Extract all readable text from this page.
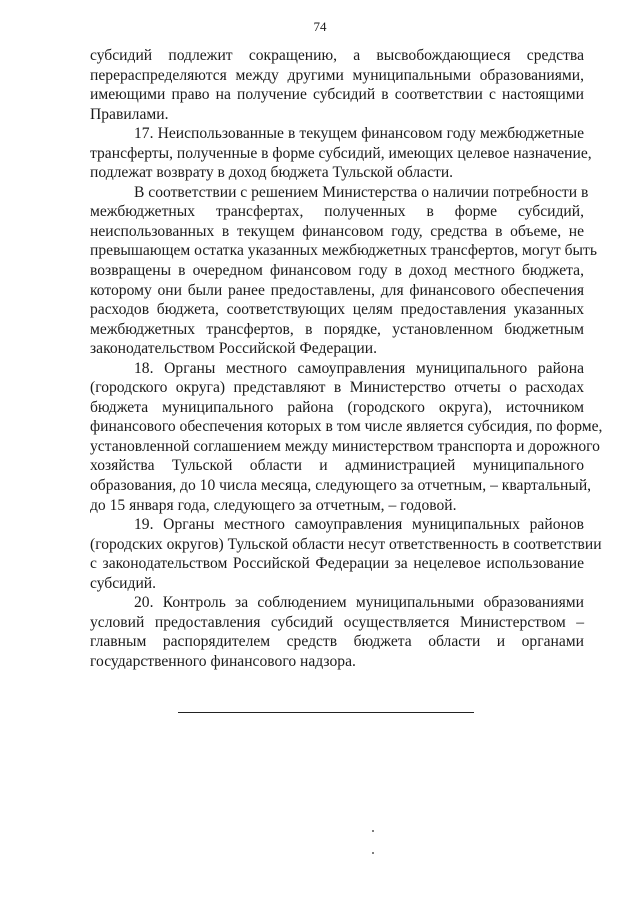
74

субсидий подлежит сокращению, а высвобождающиеся средства
перераспределяются между другими муниципальными образованиями,
имеющими право на получение субсидий в соответствии с настоящими
Правилами.

17. Неиспользованные в текущем финансовом году межбюджетные
трансферты, полученные в форме субсидий, имеющих целевое назначение,
подлежат возврату в доход бюджета Тульской области.

В соответствии с решением Министерства о наличии потребности в
межбюджетных трансфертах, полученных в форме субсидий,
неиспользованных в текущем финансовом году, средства в объеме, не
превышающем остатка указанных межбюджетных трансфертов, могут быть
возвращены в очередном финансовом году в доход местного бюджета,
которому они были ранее предоставлены, для финансового обеспечения
расходов бюджета, соответствующих целям предоставления указанных
межбюджетных трансфертов, в порядке, установленном бюджетным
законодательством Российской Федерации.

18. Органы местного самоуправления муниципального района
(городского округа) представляют в Министерство отчеты о расходах
бюджета муниципального района (городского округа), источником
финансового обеспечения которых в том числе является субсидия, по форме,
установленной соглашением между министерством транспорта и дорожного
хозяйства Тульской области и администрацией муниципального
образования, до 10 числа месяца, следующего за отчетным, – квартальный,
до 15 января года, следующего за отчетным, – годовой.

19. Органы местного самоуправления муниципальных районов
(городских округов) Тульской области несут ответственность в соответствии
с законодательством Российской Федерации за нецелевое использование
субсидий.

20. Контроль за соблюдением муниципальными образованиями
условий предоставления субсидий осуществляется Министерством –
главным распорядителем средств бюджета области и органами
государственного финансового надзора.
